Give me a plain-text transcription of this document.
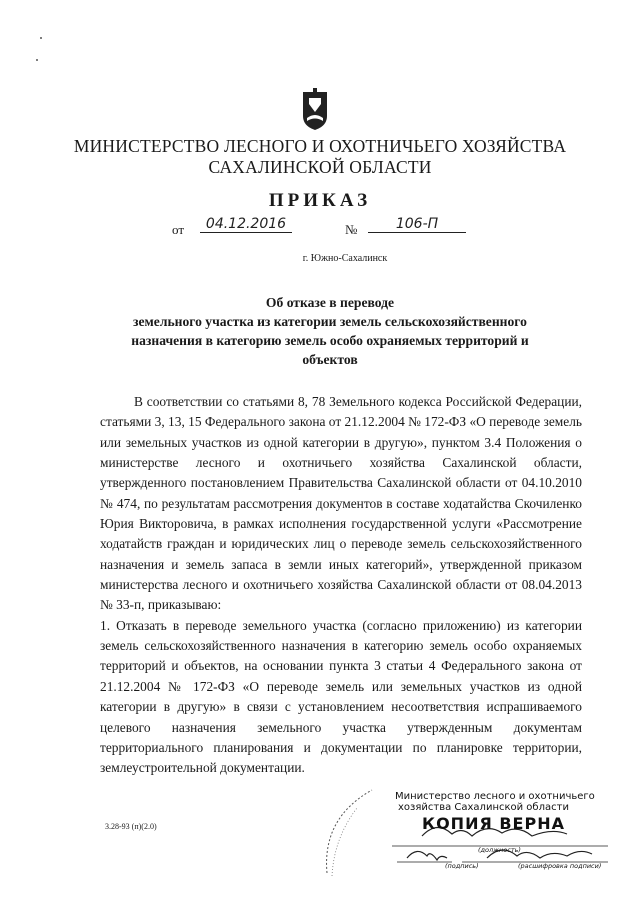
МИНИСТЕРСТВО ЛЕСНОГО И ОХОТНИЧЬЕГО ХОЗЯЙСТВА
САХАЛИНСКОЙ ОБЛАСТИ
ПРИКАЗ
от	04.12.2016	№	106-П
г. Южно-Сахалинск
Об отказе в переводе
земельного участка из категории земель сельскохозяйственного
назначения в категорию земель особо охраняемых территорий и
объектов

В соответствии со статьями 8, 78 Земельного кодекса Российской Федерации, статьями 3, 13, 15 Федерального закона от 21.12.2004 № 172-ФЗ «О переводе земель или земельных участков из одной категории в другую», пунктом 3.4 Положения о министерстве лесного и охотничьего хозяйства Сахалинской области, утвержденного постановлением Правительства Сахалинской области от 04.10.2010 № 474, по результатам рассмотрения документов в составе ходатайства Скочиленко Юрия Викторовича, в рамках исполнения государственной услуги «Рассмотрение ходатайств граждан и юридических лиц о переводе земель сельскохозяйственного назначения и земель запаса в земли иных категорий», утвержденной приказом министерства лесного и охотничьего хозяйства Сахалинской области от 08.04.2013 № 33-п, приказываю:

1. Отказать в переводе земельного участка (согласно приложению) из категории земель сельскохозяйственного назначения в категорию земель особо охраняемых территорий и объектов, на основании пункта 3 статьи 4 Федерального закона от 21.12.2004 № 172-ФЗ «О переводе земель или земельных участков из одной категории в другую» в связи с установлением несоответствия испрашиваемого целевого назначения земельного участка утвержденным документам территориального планирования и документации по планировке территории, землеустроительной документации.

3.28-93 (п)(2.0)
Министерство лесного и охотничьего
хозяйства Сахалинской области
КОПИЯ ВЕРНА
(должность)
(подпись)	(расшифровка подписи)
